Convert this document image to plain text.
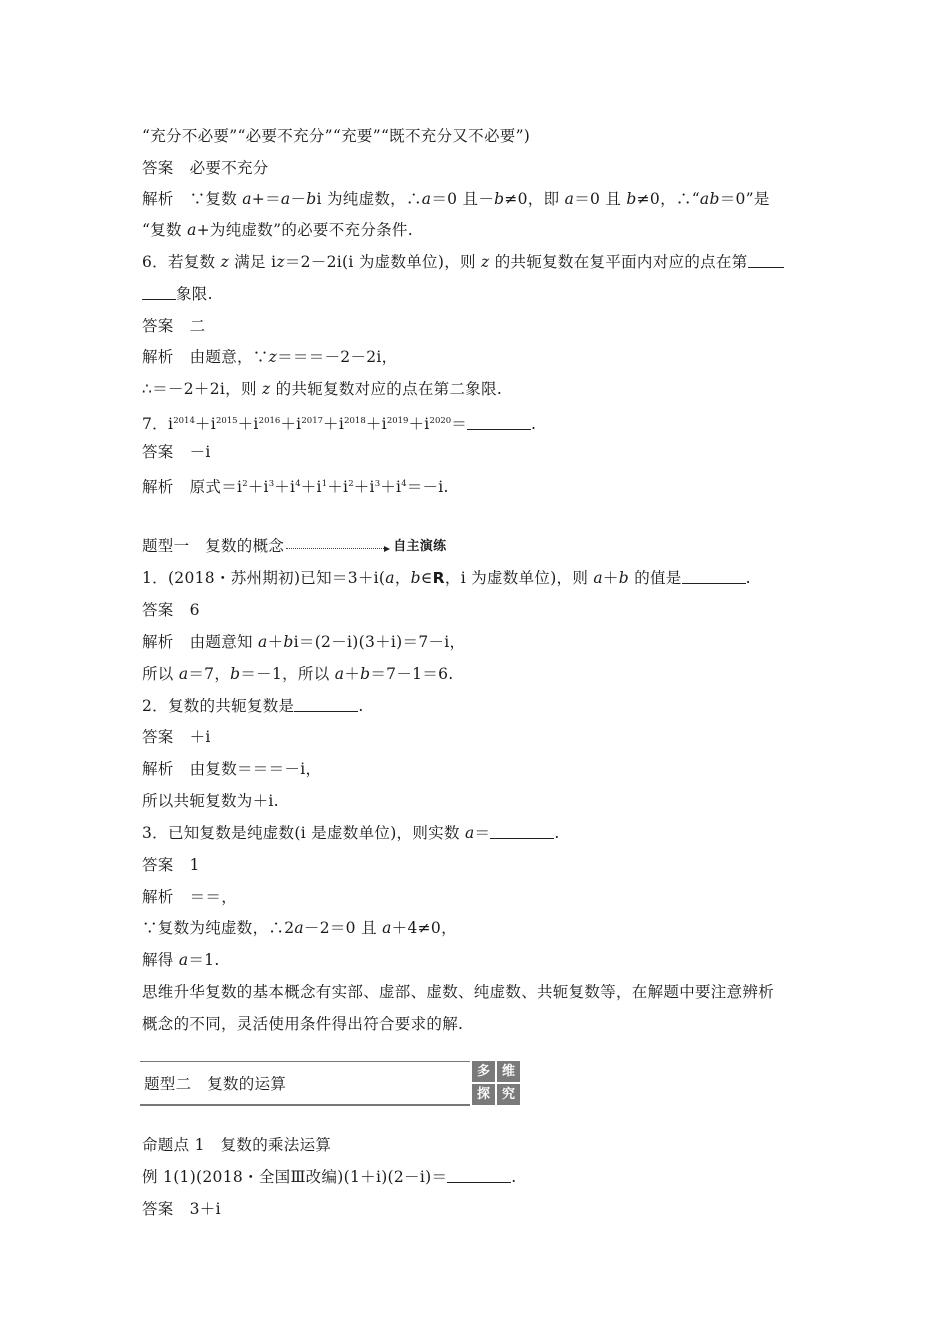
“充分不必要”“必要不充分”“充要”“既不充分又不必要”)
答案 必要不充分
解析 ∵复数 a+＝a－bi 为纯虚数，∴a＝0 且－b≠0，即 a＝0 且 b≠0，∴“ab＝0”是
“复数 a+为纯虚数”的必要不充分条件.
6．若复数 z 满足 iz＝2－2i(i 为虚数单位)，则 z 的共轭复数在复平面内对应的点在第
象限.
答案 二
解析 由题意，∵z＝＝＝－2－2i，
∴＝－2＋2i，则 z 的共轭复数对应的点在第二象限.
7．$i^{2014}+i^{2015}+i^{2016}+i^{2017}+i^{2018}+i^{2019}+i^{2020}=$	.
答案 －i
解析 原式$=i^2+i^3+i^4+i^1+i^2+i^3+i^4=-i$.
题型一　复数的概念	自主演练
1．(2018・苏州期初)已知＝3＋i(a，b∈R，i 为虚数单位)，则 a＋b 的值是	.
答案 6
解析 由题意知 a＋bi＝(2－i)(3＋i)＝7－i，
所以 a＝7，b＝－1，所以 a＋b＝7－1＝6.
2．复数的共轭复数是	.
答案 ＋i
解析 由复数＝＝＝－i，
所以共轭复数为＋i.
3．已知复数是纯虚数(i 是虚数单位)，则实数 a＝	.
答案 1
解析 ＝＝，
∵复数为纯虚数，∴2a－2＝0 且 a＋4≠0，
解得 a＝1.
思维升华复数的基本概念有实部、虚部、虚数、纯虚数、共轭复数等，在解题中要注意辨析
概念的不同，灵活使用条件得出符合要求的解.
题型二　复数的运算
多 维
探 究
命题点 1　复数的乘法运算
例 1(1)(2018・全国Ⅲ改编)(1＋i)(2－i)＝	.
答案 3＋i
